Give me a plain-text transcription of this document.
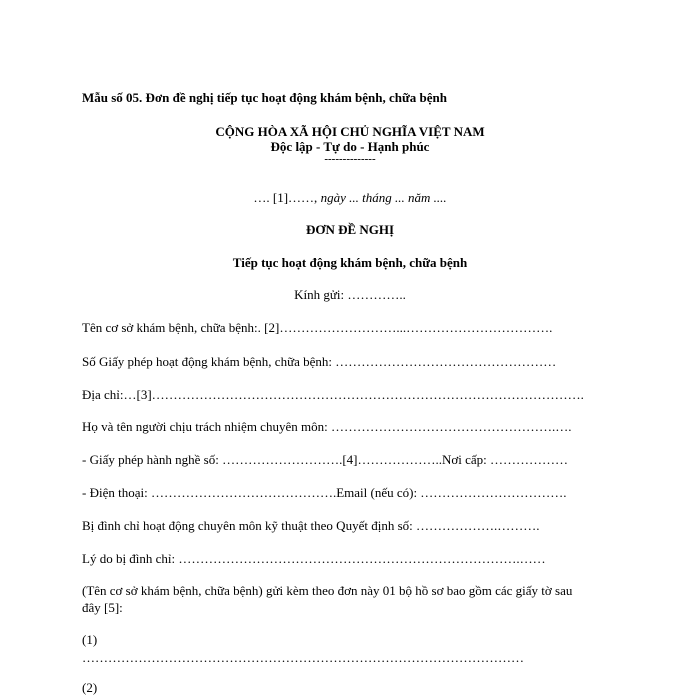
Mẫu số 05. Đơn đề nghị tiếp tục hoạt động khám bệnh, chữa bệnh
CỘNG HÒA XÃ HỘI CHỦ NGHĨA VIỆT NAM
Độc lập - Tự do - Hạnh phúc
--------------
…. [1]……, ngày ... tháng ... năm ....
ĐƠN ĐỀ NGHỊ
Tiếp tục hoạt động khám bệnh, chữa bệnh
Kính gửi: …………..
Tên cơ sở khám bệnh, chữa bệnh:. [2]………………………...…………………………….
Số Giấy phép hoạt động khám bệnh, chữa bệnh: ……………………………………………
Địa chỉ:…[3]……………………………………………………………………………………….
Họ và tên người chịu trách nhiệm chuyên môn: …………………………………………….….
- Giấy phép hành nghề số: ……………………….[4]………………..Nơi cấp: ………………
- Điện thoại: …………………………………….Email (nếu có): …………………………….
Bị đình chỉ hoạt động chuyên môn kỹ thuật theo Quyết định số: ……………….……….
Lý do bị đình chỉ: …………………………………………………………………….……
(Tên cơ sở khám bệnh, chữa bệnh) gửi kèm theo đơn này 01 bộ hồ sơ bao gồm các giấy tờ sau
đây [5]:
(1)
…………………………………………………………………………………………
(2)
